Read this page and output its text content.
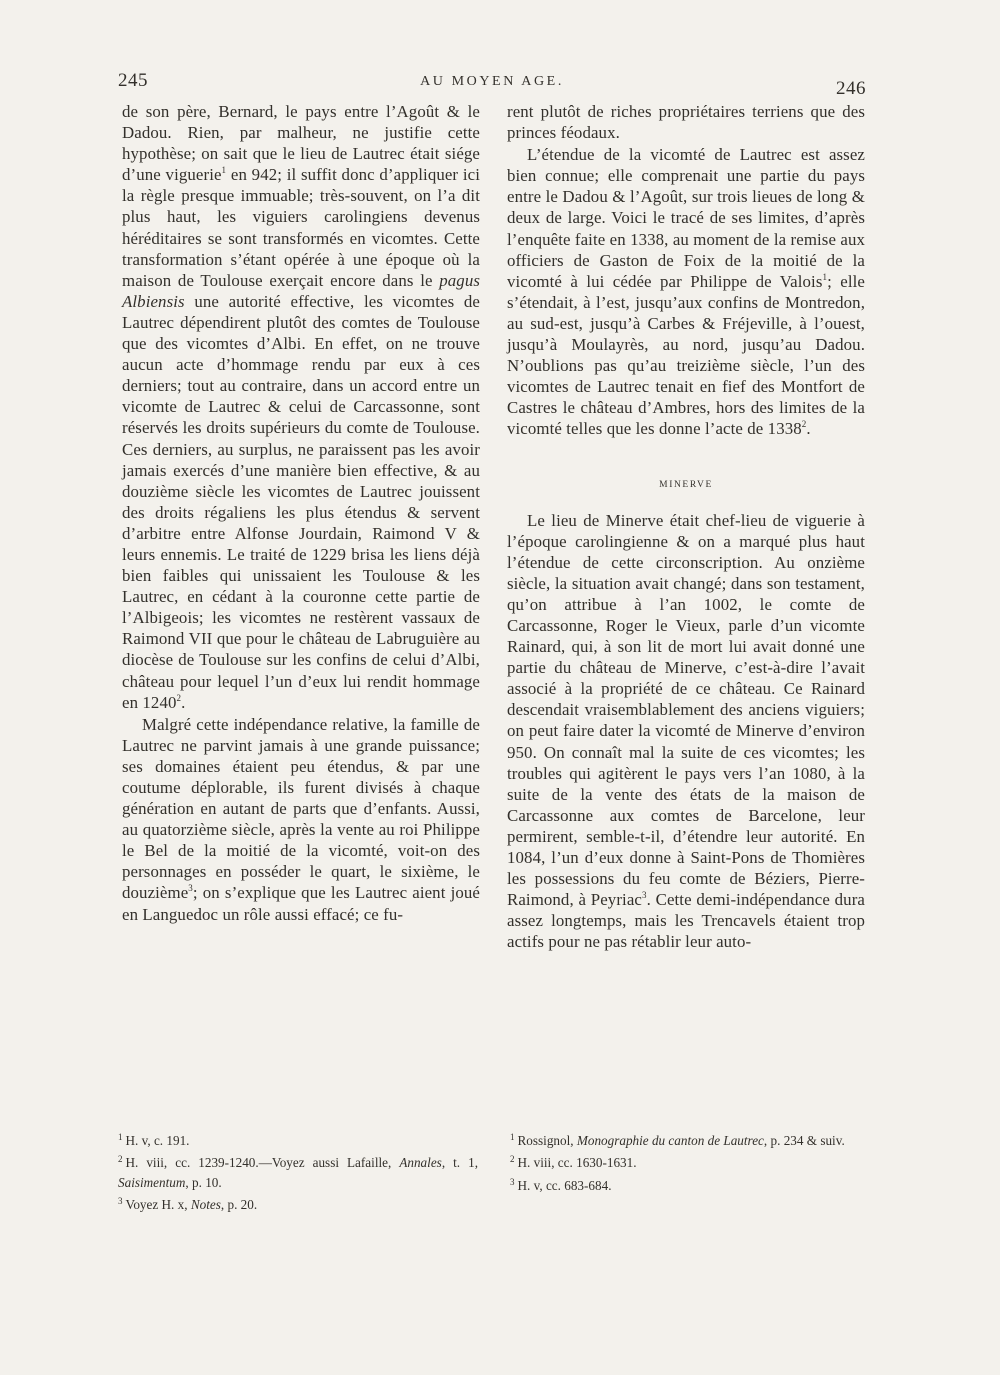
245	AU MOYEN AGE.	246

de son père, Bernard, le pays entre l’Agoût & le Dadou. Rien, par malheur, ne justifie cette hypothèse; on sait que le lieu de Lautrec était siége d’une viguerie$^1$ en 942; il suffit donc d’appliquer ici la règle presque immuable; très-souvent, on l’a dit plus haut, les viguiers carolingiens devenus héréditaires se sont transformés en vicomtes. Cette transformation s’étant opérée à une époque où la maison de Toulouse exerçait encore dans le pagus Albiensis une autorité effective, les vicomtes de Lautrec dépendirent plutôt des comtes de Toulouse que des vicomtes d’Albi. En effet, on ne trouve aucun acte d’hommage rendu par eux à ces derniers; tout au contraire, dans un accord entre un vicomte de Lautrec & celui de Carcassonne, sont réservés les droits supérieurs du comte de Toulouse. Ces derniers, au surplus, ne paraissent pas les avoir jamais exercés d’une manière bien effective, & au douzième siècle les vicomtes de Lautrec jouissent des droits régaliens les plus étendus & servent d’arbitre entre Alfonse Jourdain, Raimond V & leurs ennemis. Le traité de 1229 brisa les liens déjà bien faibles qui unissaient les Toulouse & les Lautrec, en cédant à la couronne cette partie de l’Albigeois; les vicomtes ne restèrent vassaux de Raimond VII que pour le château de Labruguière au diocèse de Toulouse sur les confins de celui d’Albi, château pour lequel l’un d’eux lui rendit hommage en 1240$^2$.

Malgré cette indépendance relative, la famille de Lautrec ne parvint jamais à une grande puissance; ses domaines étaient peu étendus, & par une coutume déplorable, ils furent divisés à chaque génération en autant de parts que d’enfants. Aussi, au quatorzième siècle, après la vente au roi Philippe le Bel de la moitié de la vicomté, voit-on des personnages en posséder le quart, le sixième, le douzième$^3$; on s’explique que les Lautrec aient joué en Languedoc un rôle aussi effacé; ce fu-

rent plutôt de riches propriétaires terriens que des princes féodaux.

L’étendue de la vicomté de Lautrec est assez bien connue; elle comprenait une partie du pays entre le Dadou & l’Agoût, sur trois lieues de long & deux de large. Voici le tracé de ses limites, d’après l’enquête faite en 1338, au moment de la remise aux officiers de Gaston de Foix de la moitié de la vicomté à lui cédée par Philippe de Valois$^1$; elle s’étendait, à l’est, jusqu’aux confins de Montredon, au sud-est, jusqu’à Carbes & Fréjeville, à l’ouest, jusqu’à Moulayrès, au nord, jusqu’au Dadou. N’oublions pas qu’au treizième siècle, l’un des vicomtes de Lautrec tenait en fief des Montfort de Castres le château d’Ambres, hors des limites de la vicomté telles que les donne l’acte de 1338$^2$.

MINERVE

Le lieu de Minerve était chef-lieu de viguerie à l’époque carolingienne & on a marqué plus haut l’étendue de cette circonscription. Au onzième siècle, la situation avait changé; dans son testament, qu’on attribue à l’an 1002, le comte de Carcassonne, Roger le Vieux, parle d’un vicomte Rainard, qui, à son lit de mort lui avait donné une partie du château de Minerve, c’est-à-dire l’avait associé à la propriété de ce château. Ce Rainard descendait vraisemblablement des anciens viguiers; on peut faire dater la vicomté de Minerve d’environ 950. On connaît mal la suite de ces vicomtes; les troubles qui agitèrent le pays vers l’an 1080, à la suite de la vente des états de la maison de Carcassonne aux comtes de Barcelone, leur permirent, semble-t-il, d’étendre leur autorité. En 1084, l’un d’eux donne à Saint-Pons de Thomières les possessions du feu comte de Béziers, Pierre-Raimond, à Peyriac$^3$. Cette demi-indépendance dura assez longtemps, mais les Trencavels étaient trop actifs pour ne pas rétablir leur auto-

$^1$ H. v, c. 191.
$^2$ H. viii, cc. 1239-1240.—Voyez aussi Lafaille, Annales, t. 1, Saisimentum, p. 10.
$^3$ Voyez H. x, Notes, p. 20.
$^1$ Rossignol, Monographie du canton de Lautrec, p. 234 & suiv.
$^2$ H. viii, cc. 1630-1631.
$^3$ H. v, cc. 683-684.
